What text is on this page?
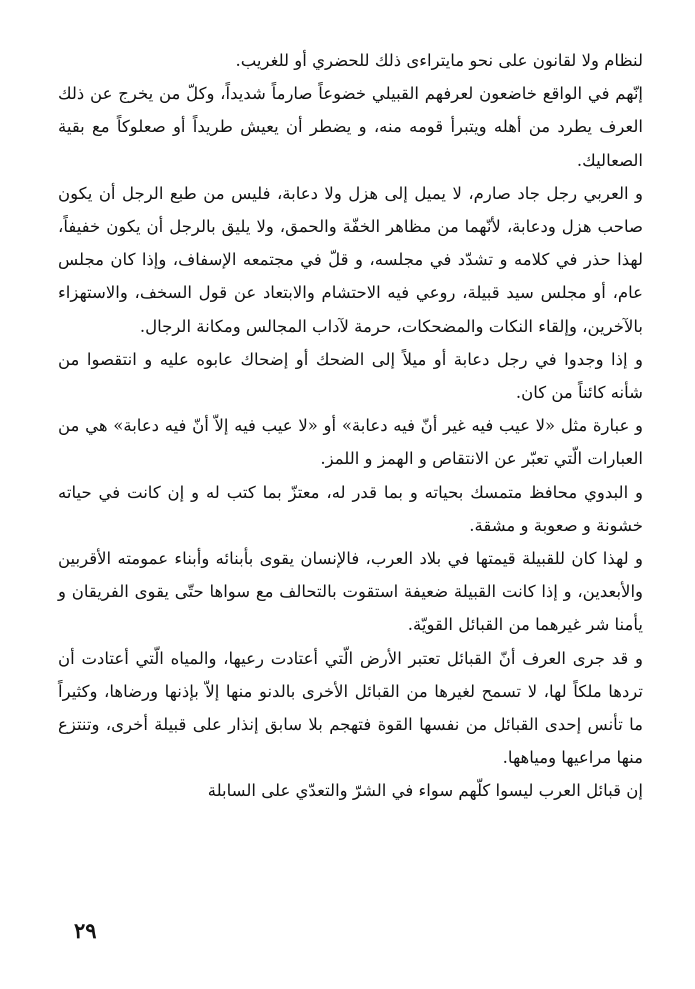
لنظام ولا لقانون على نحو مايتراءى ذلك للحضري أو للغريب.

إنّهم في الواقع خاضعون لعرفهم القبيلي خضوعاً صارماً شديداً، وكلّ من يخرج عن ذلك العرف يطرد من أهله ويتبرأ قومه منه، و يضطر أن يعيش طريداً أو صعلوكاً مع بقية الصعاليك.

و العربي رجل جاد صارم، لا يميل إلى هزل ولا دعابة، فليس من طبع الرجل أن يكون صاحب هزل ودعابة، لأنّهما من مظاهر الخفّة والحمق، ولا يليق بالرجل أن يكون خفيفاً، لهذا حذر في كلامه و تشدّد في مجلسه، و قلّ في مجتمعه الإسفاف، وإذا كان مجلس عام، أو مجلس سيد قبيلة، روعي فيه الاحتشام والابتعاد عن قول السخف، والاستهزاء بالآخرين، وإلقاء النكات والمضحكات، حرمة لآداب المجالس ومكانة الرجال.

و إذا وجدوا في رجل دعابة أو ميلاً إلى الضحك أو إضحاك عابوه عليه و انتقصوا من شأنه كائناً من كان.

و عبارة مثل «لا عيب فيه غير أنّ فيه دعابة» أو «لا عيب فيه إلاّ أنّ فيه دعابة» هي من العبارات الّتي تعبّر عن الانتقاص و الهمز و اللمز.

و البدوي محافظ متمسك بحياته و بما قدر له، معتزّ بما كتب له و إن كانت في حياته خشونة و صعوبة و مشقة.

و لهذا كان للقبيلة قيمتها في بلاد العرب، فالإنسان يقوى بأبنائه وأبناء عمومته الأقربين والأبعدين، و إذا كانت القبيلة ضعيفة استقوت بالتحالف مع سواها حتّى يقوى الفريقان و يأمنا شر غيرهما من القبائل القويّة.

و قد جرى العرف أنّ القبائل تعتبر الأرض الّتي أعتادت رعيها، والمياه الّتي أعتادت أن تردها ملكاً لها، لا تسمح لغيرها من القبائل الأخرى بالدنو منها إلاّ بإذنها ورضاها، وكثيراً ما تأنس إحدى القبائل من نفسها القوة فتهجم بلا سابق إنذار على قبيلة أخرى، وتنتزع منها مراعيها ومياهها.

إن قبائل العرب ليسوا كلّهم سواء في الشرّ والتعدّي على السابلة

٢٩
